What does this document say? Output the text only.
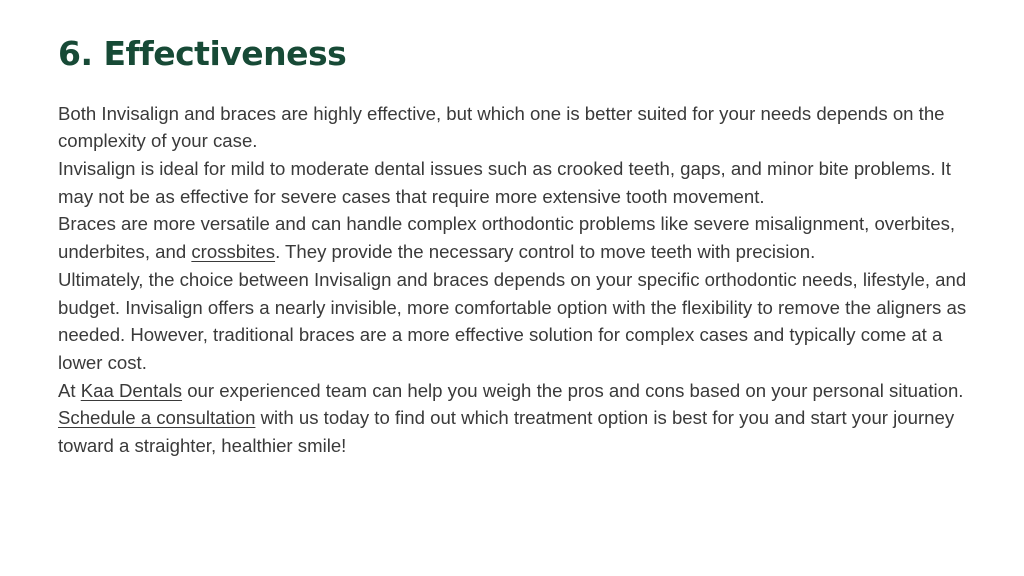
6. Effectiveness

Both Invisalign and braces are highly effective, but which one is better suited for your needs depends on the complexity of your case.

Invisalign is ideal for mild to moderate dental issues such as crooked teeth, gaps, and minor bite problems. It may not be as effective for severe cases that require more extensive tooth movement.

Braces are more versatile and can handle complex orthodontic problems like severe misalignment, overbites, underbites, and crossbites. They provide the necessary control to move teeth with precision.

Ultimately, the choice between Invisalign and braces depends on your specific orthodontic needs, lifestyle, and budget. Invisalign offers a nearly invisible, more comfortable option with the flexibility to remove the aligners as needed. However, traditional braces are a more effective solution for complex cases and typically come at a lower cost.

At Kaa Dentals our experienced team can help you weigh the pros and cons based on your personal situation. Schedule a consultation with us today to find out which treatment option is best for you and start your journey toward a straighter, healthier smile!
